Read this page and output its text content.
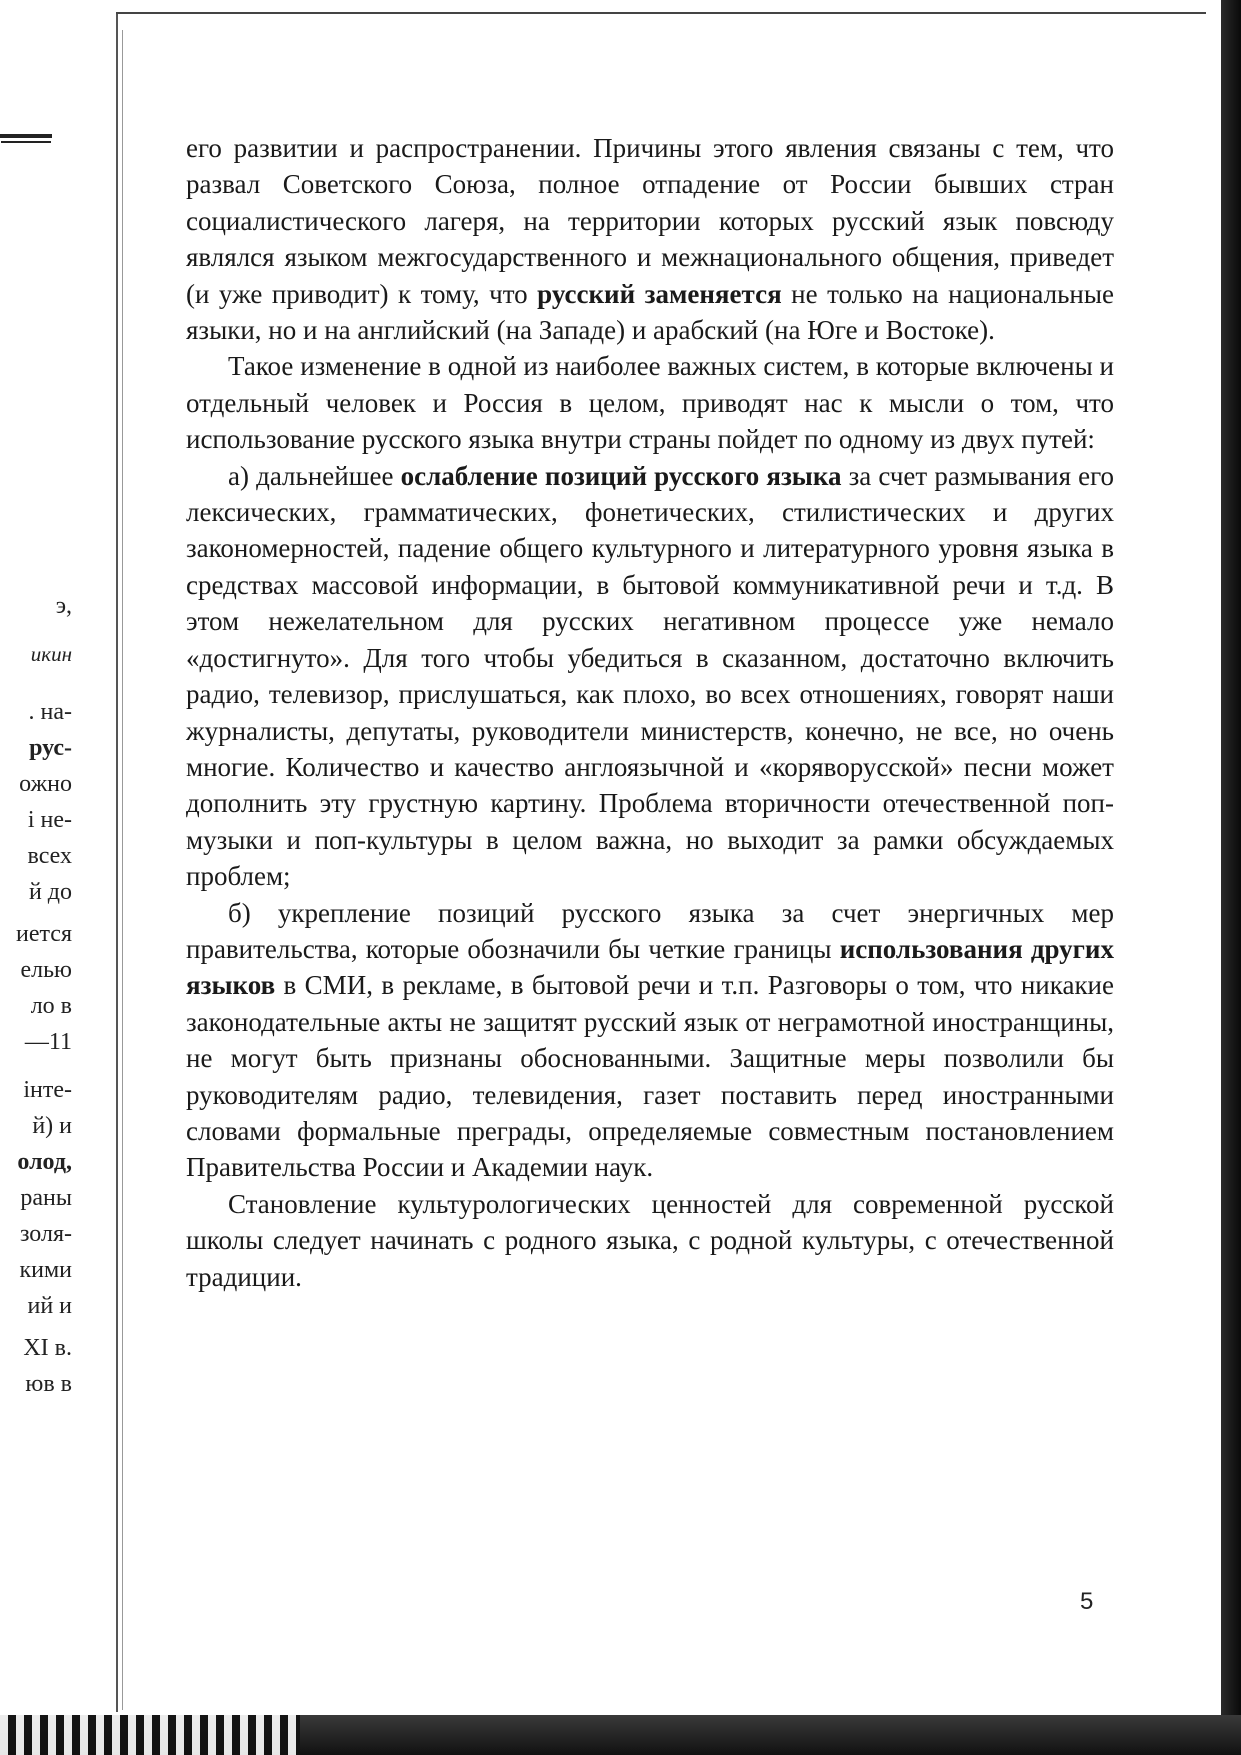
э,
икин
. на-
рус-
ожно
і не-
всех
й до
иется
елью
ло в
—11
інте-
й) и
олод,
раны
золя-
кими
ий и
XI в.
юв в

его развитии и распространении. Причины этого явления связаны с тем, что развал Советского Союза, полное отпадение от России бывших стран социалистического лагеря, на территории которых русский язык повсюду являлся языком межгосударственного и межнационального общения, приведет (и уже приводит) к тому, что русский заменяется не только на национальные языки, но и на английский (на Западе) и арабский (на Юге и Востоке).

Такое изменение в одной из наиболее важных систем, в которые включены и отдельный человек и Россия в целом, приводят нас к мысли о том, что использование русского языка внутри страны пойдет по одному из двух путей:

а) дальнейшее ослабление позиций русского языка за счет размывания его лексических, грамматических, фонетических, стилистических и других закономерностей, падение общего культурного и литературного уровня языка в средствах массовой информации, в бытовой коммуникативной речи и т.д. В этом нежелательном для русских негативном процессе уже немало «достигнуто». Для того чтобы убедиться в сказанном, достаточно включить радио, телевизор, прислушаться, как плохо, во всех отношениях, говорят наши журналисты, депутаты, руководители министерств, конечно, не все, но очень многие. Количество и качество англоязычной и «коряворусской» песни может дополнить эту грустную картину. Проблема вторичности отечественной поп-музыки и поп-культуры в целом важна, но выходит за рамки обсуждаемых проблем;

б) укрепление позиций русского языка за счет энергичных мер правительства, которые обозначили бы четкие границы использования других языков в СМИ, в рекламе, в бытовой речи и т.п. Разговоры о том, что никакие законодательные акты не защитят русский язык от неграмотной иностранщины, не могут быть признаны обоснованными. Защитные меры позволили бы руководителям радио, телевидения, газет поставить перед иностранными словами формальные преграды, определяемые совместным постановлением Правительства России и Академии наук.

Становление культурологических ценностей для современной русской школы следует начинать с родного языка, с родной культуры, с отечественной традиции.

5
